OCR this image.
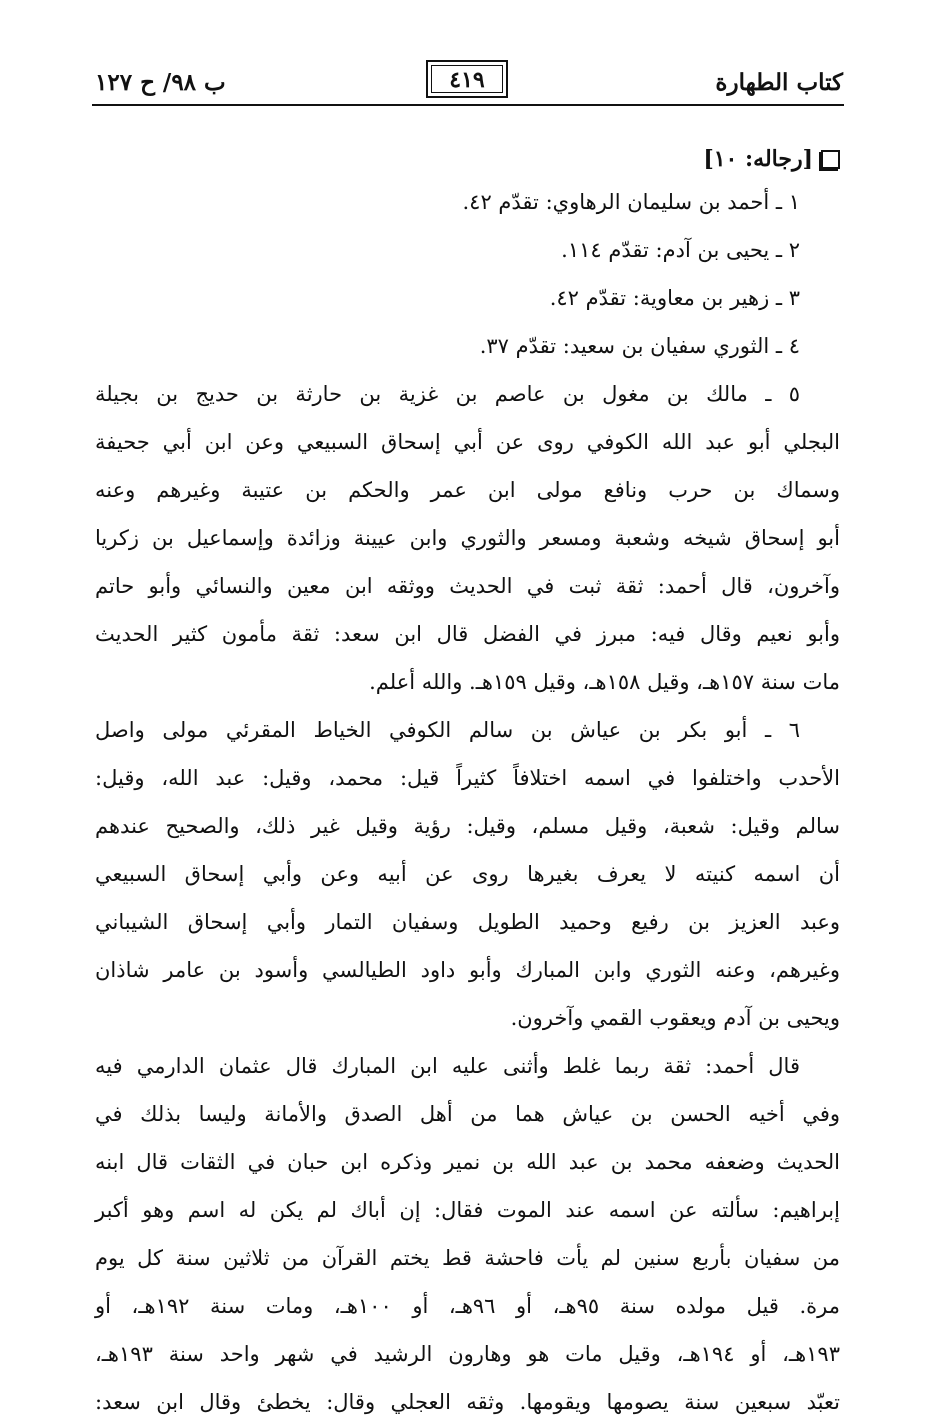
كتاب الطهارة
٤١٩
ب ٩٨/ ح ١٢٧
[رجاله: ١٠]
١ ـ أحمد بن سليمان الرهاوي: تقدّم ٤٢.
٢ ـ يحيى بن آدم: تقدّم ١١٤.
٣ ـ زهير بن معاوية: تقدّم ٤٢.
٤ ـ الثوري سفيان بن سعيد: تقدّم ٣٧.
٥ ـ مالك بن مغول بن عاصم بن غزية بن حارثة بن حديج بن بجيلة
البجلي أبو عبد الله الكوفي روى عن أبي إسحاق السبيعي وعن ابن أبي جحيفة
وسماك بن حرب ونافع مولى ابن عمر والحكم بن عتيبة وغيرهم وعنه
أبو إسحاق شيخه وشعبة ومسعر والثوري وابن عيينة وزائدة وإسماعيل بن زكريا
وآخرون، قال أحمد: ثقة ثبت في الحديث ووثقه ابن معين والنسائي وأبو حاتم
وأبو نعيم وقال فيه: مبرز في الفضل قال ابن سعد: ثقة مأمون كثير الحديث
مات سنة ١٥٧هـ، وقيل ١٥٨هـ، وقيل ١٥٩هـ. والله أعلم.
٦ ـ أبو بكر بن عياش بن سالم الكوفي الخياط المقرئي مولى واصل
الأحدب واختلفوا في اسمه اختلافاً كثيراً قيل: محمد، وقيل: عبد الله، وقيل:
سالم وقيل: شعبة، وقيل مسلم، وقيل: رؤية وقيل غير ذلك، والصحيح عندهم
أن اسمه كنيته لا يعرف بغيرها روى عن أبيه وعن وأبي إسحاق السبيعي
وعبد العزيز بن رفيع وحميد الطويل وسفيان التمار وأبي إسحاق الشيباني
وغيرهم، وعنه الثوري وابن المبارك وأبو داود الطيالسي وأسود بن عامر شاذان
ويحيى بن آدم ويعقوب القمي وآخرون.
قال أحمد: ثقة ربما غلط وأثنى عليه ابن المبارك قال عثمان الدارمي فيه
وفي أخيه الحسن بن عياش هما من أهل الصدق والأمانة وليسا بذلك في
الحديث وضعفه محمد بن عبد الله بن نمير وذكره ابن حبان في الثقات قال ابنه
إبراهيم: سألته عن اسمه عند الموت فقال: إن أباك لم يكن له اسم وهو أكبر
من سفيان بأربع سنين لم يأت فاحشة قط يختم القرآن من ثلاثين سنة كل يوم
مرة. قيل مولده سنة ٩٥هـ، أو ٩٦هـ، أو ١٠٠هـ، ومات سنة ١٩٢هـ، أو
١٩٣هـ، أو ١٩٤هـ، وقيل مات هو وهارون الرشيد في شهر واحد سنة ١٩٣هـ،
تعبّد سبعين سنة يصومها ويقومها. وثقه العجلي وقال: يخطئ وقال ابن سعد:
